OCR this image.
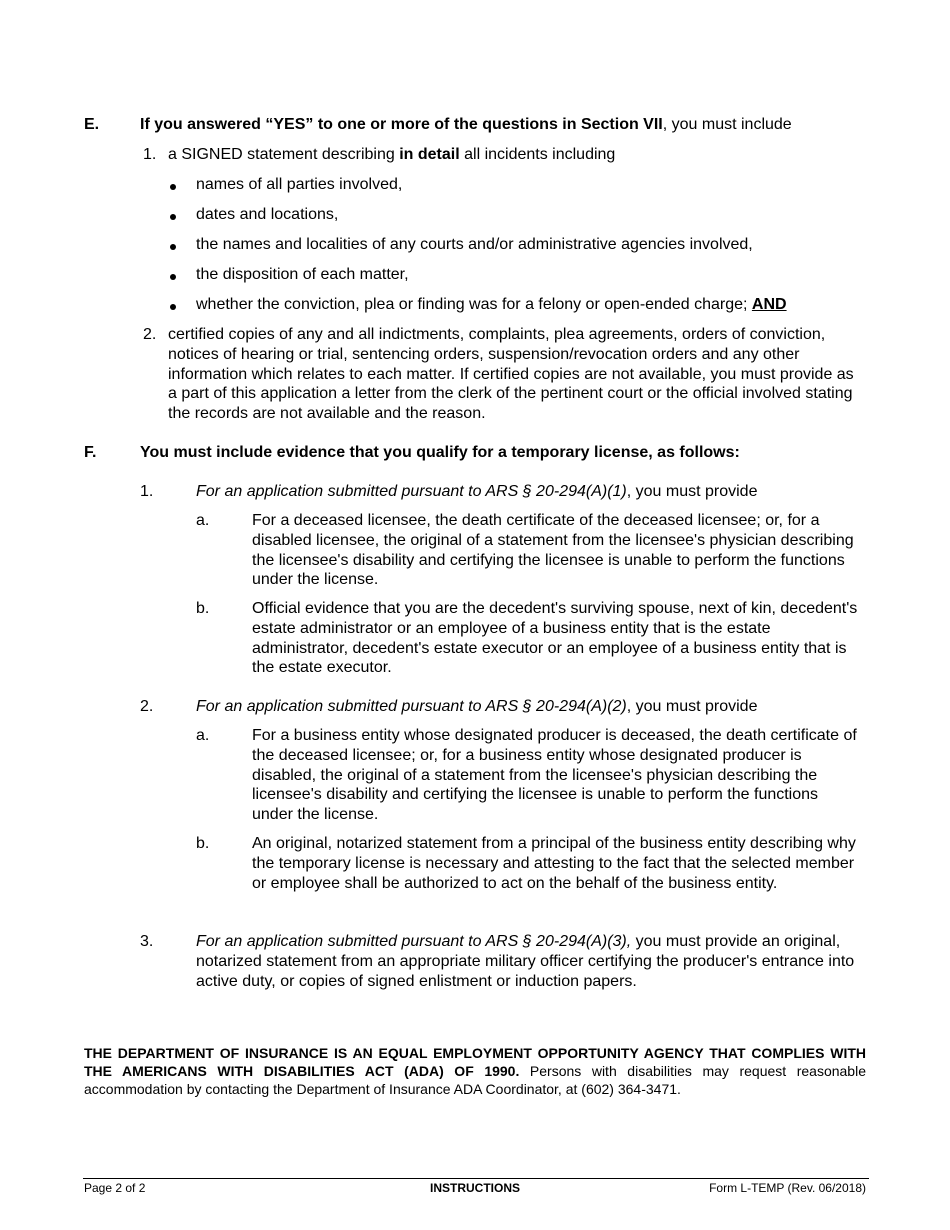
E.	If you answered “YES” to one or more of the questions in Section VII, you must include
1. a SIGNED statement describing in detail all incidents including
names of all parties involved,
dates and locations,
the names and localities of any courts and/or administrative agencies involved,
the disposition of each matter,
whether the conviction, plea or finding was for a felony or open-ended charge; AND
2. certified copies of any and all indictments, complaints, plea agreements, orders of conviction, notices of hearing or trial, sentencing orders, suspension/revocation orders and any other information which relates to each matter. If certified copies are not available, you must provide as a part of this application a letter from the clerk of the pertinent court or the official involved stating the records are not available and the reason.
F.	You must include evidence that you qualify for a temporary license, as follows:
1.	For an application submitted pursuant to ARS § 20-294(A)(1), you must provide
a.	For a deceased licensee, the death certificate of the deceased licensee; or, for a disabled licensee, the original of a statement from the licensee's physician describing the licensee's disability and certifying the licensee is unable to perform the functions under the license.
b.	Official evidence that you are the decedent's surviving spouse, next of kin, decedent's estate administrator or an employee of a business entity that is the estate administrator, decedent's estate executor or an employee of a business entity that is the estate executor.
2.	For an application submitted pursuant to ARS § 20-294(A)(2), you must provide
a.	For a business entity whose designated producer is deceased, the death certificate of the deceased licensee; or, for a business entity whose designated producer is disabled, the original of a statement from the licensee's physician describing the licensee's disability and certifying the licensee is unable to perform the functions under the license.
b.	An original, notarized statement from a principal of the business entity describing why the temporary license is necessary and attesting to the fact that the selected member or employee shall be authorized to act on the behalf of the business entity.
3.	For an application submitted pursuant to ARS § 20-294(A)(3), you must provide an original, notarized statement from an appropriate military officer certifying the producer's entrance into active duty, or copies of signed enlistment or induction papers.
THE DEPARTMENT OF INSURANCE IS AN EQUAL EMPLOYMENT OPPORTUNITY AGENCY THAT COMPLIES WITH THE AMERICANS WITH DISABILITIES ACT (ADA) OF 1990. Persons with disabilities may request reasonable accommodation by contacting the Department of Insurance ADA Coordinator, at (602) 364-3471.
Page 2 of 2	INSTRUCTIONS	Form L-TEMP (Rev. 06/2018)
